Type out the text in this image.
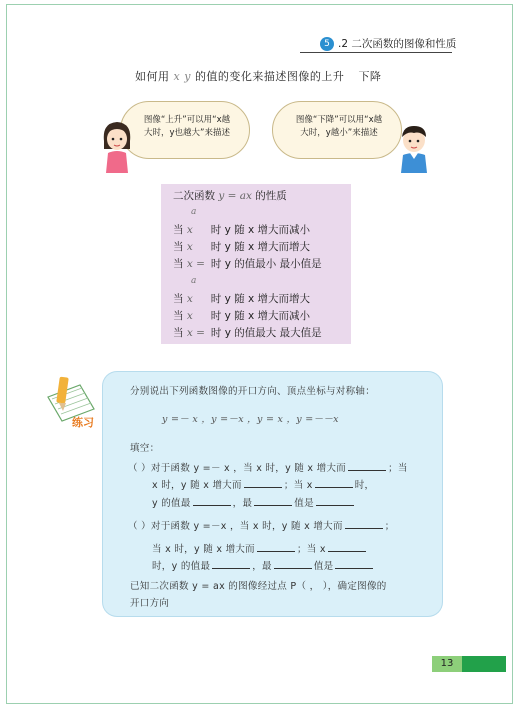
5 .2 二次函数的图像和性质
如何用 x y 的值的变化来描述图像的上升 下降
图像“上升”可以用“x越
大时，y也越大”来描述
图像“下降”可以用“x越
大时，y越小”来描述
二次函数 y = ax 的性质
a
当 x 时 y 随 x 增大而减小
当 x 时 y 随 x 增大而增大
当 x = 时 y 的值最小 最小值是
a
当 x 时 y 随 x 增大而增大
当 x 时 y 随 x 增大而减小
当 x = 时 y 的值最大 最大值是
练习
分别说出下列函数图像的开口方向、顶点坐标与对称轴：
y =－ x ，y =－x ，y = x ，y =－－x
填空：
（ ）对于函数 y =－ x ，当 x 时，y 随 x 增大而	；当
x 时，y 随 x 增大而	；当 x	时，
y 的值最	，最	值是
（ ）对于函数 y =－x ，当 x 时，y 随 x 增大而	；
当 x 时，y 随 x 增大而	；当 x
时，y 的值最	，最	值是
已知二次函数 y = ax 的图像经过点 P（ ， ），确定图像的
开口方向
13
